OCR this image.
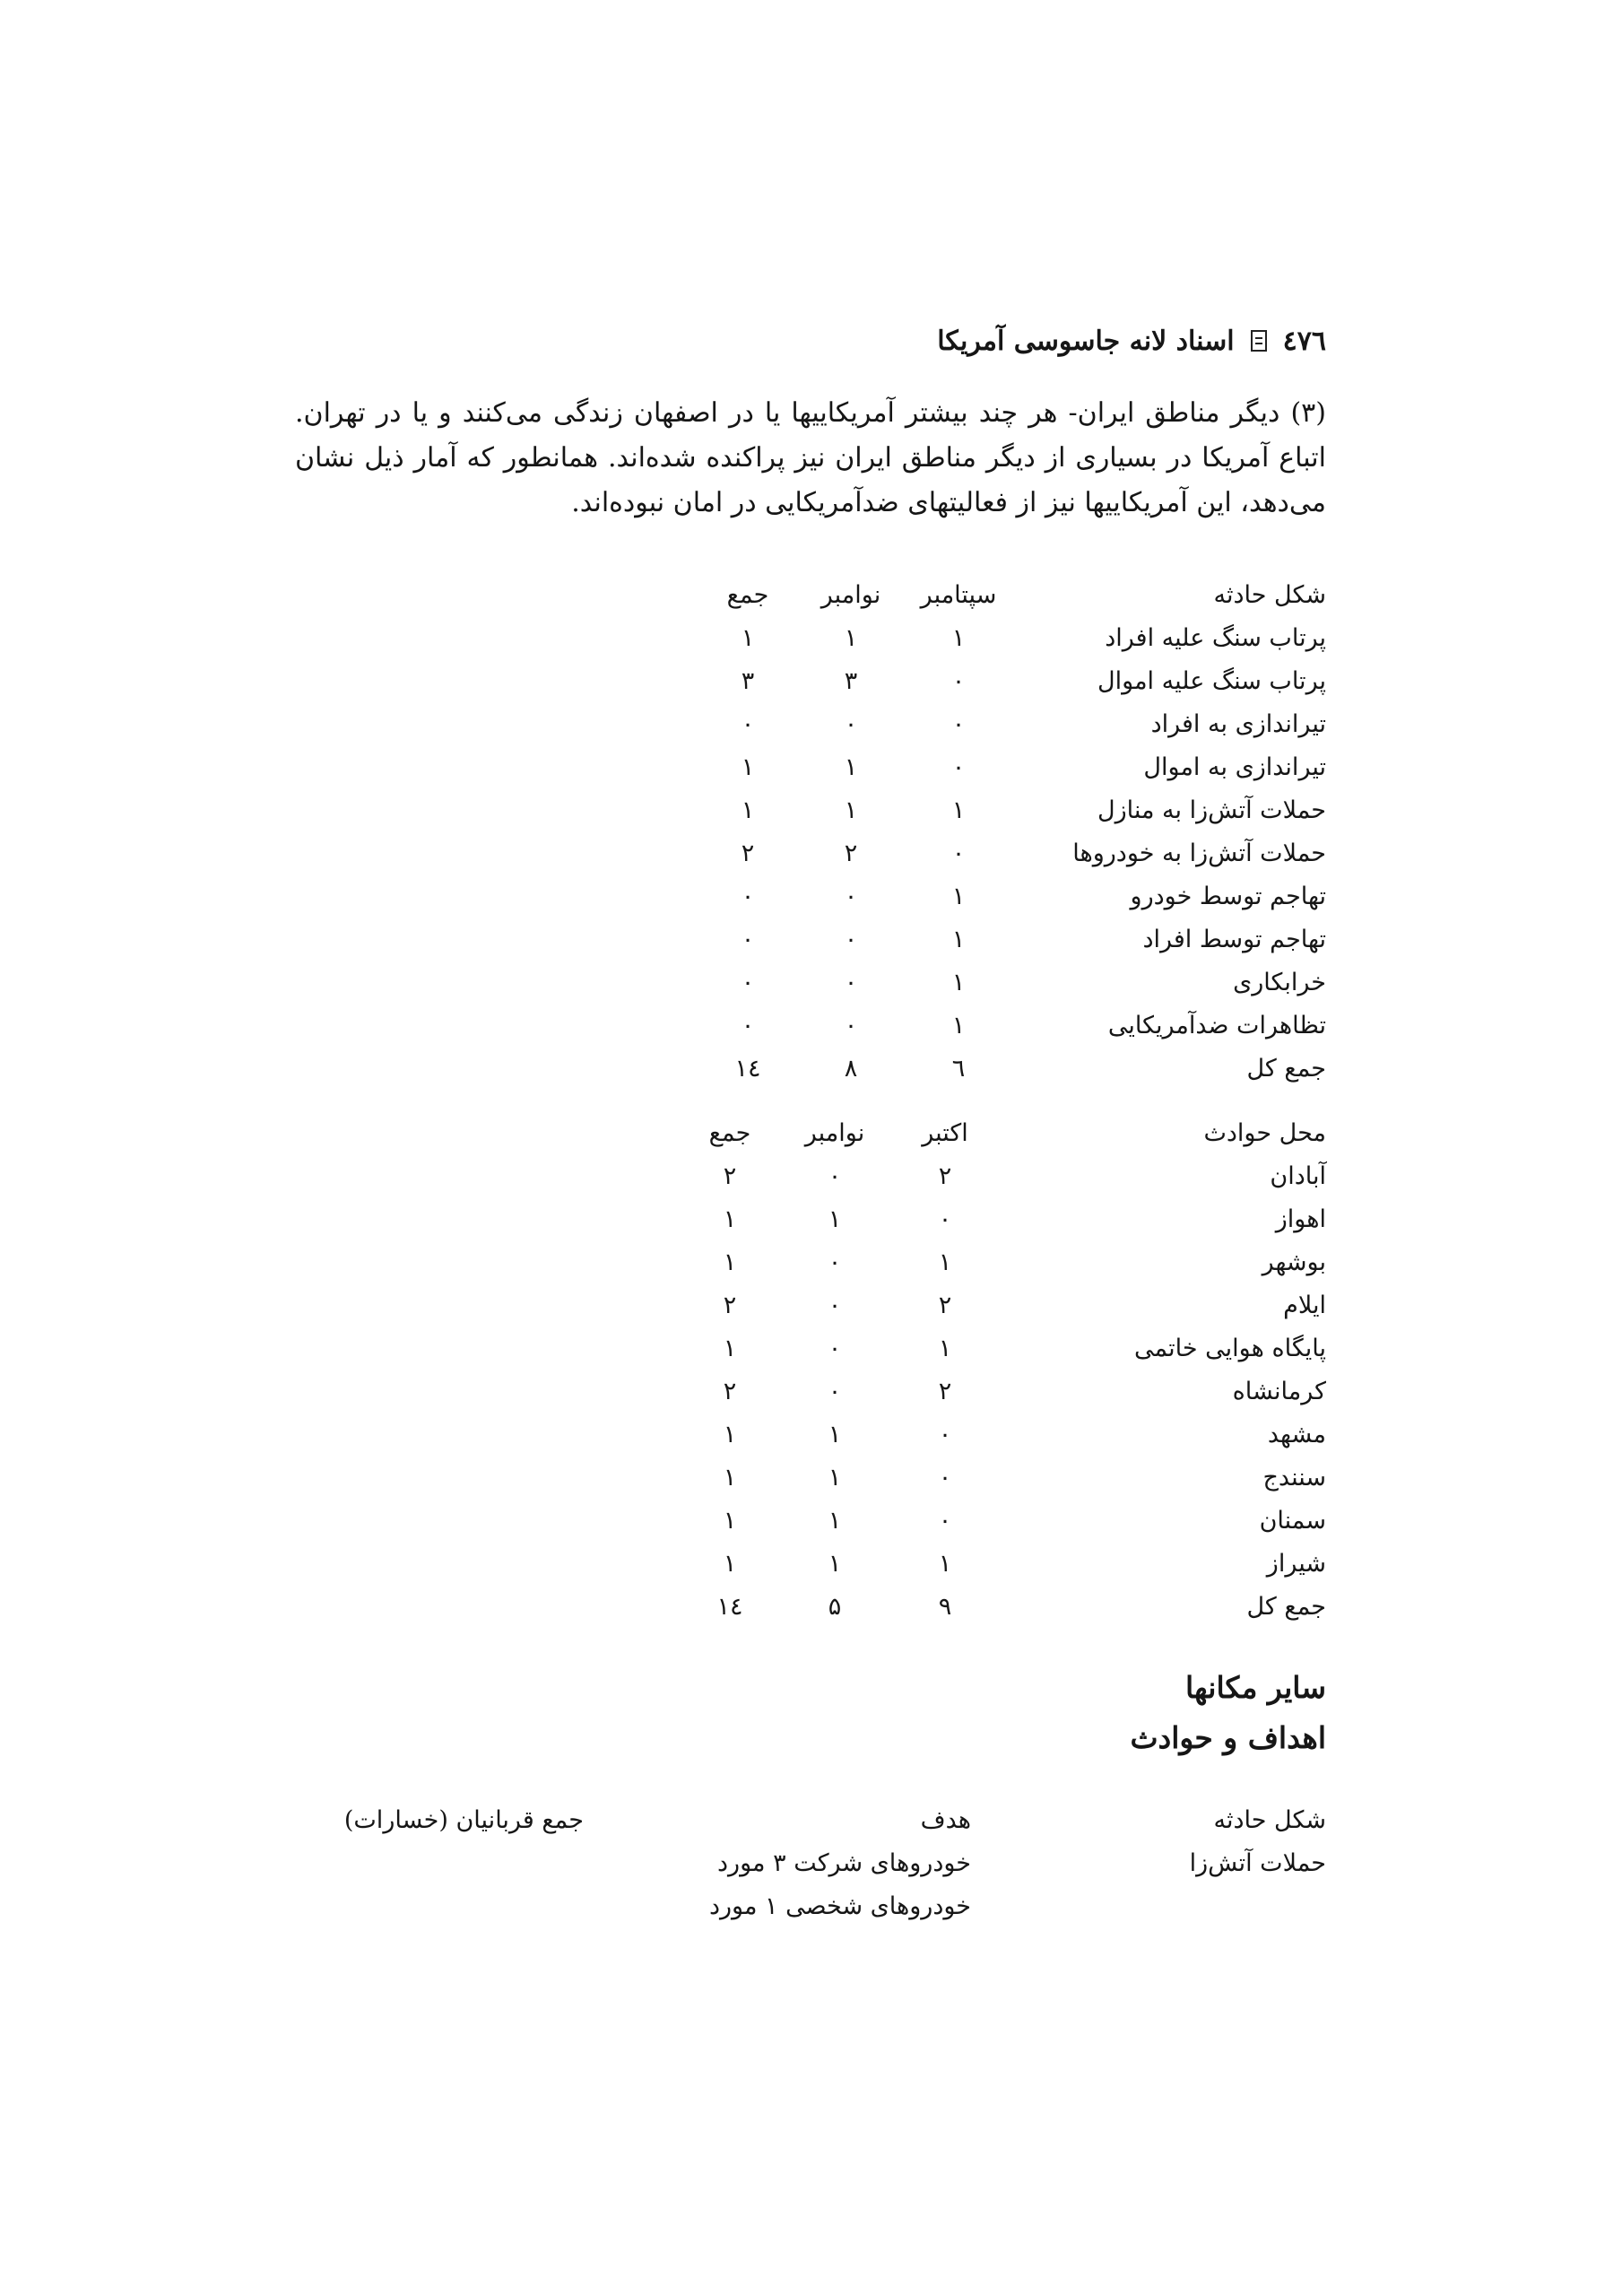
٤٧٦
اسناد لانه جاسوسی آمریکا
(۳) دیگر مناطق ایران- هر چند بیشتر آمریکاییها یا در اصفهان زندگی می‌کنند و یا در تهران. اتباع آمریکا در بسیاری از دیگر مناطق ایران نیز پراکنده شده‌اند. همانطور که آمار ذیل نشان می‌دهد، این آمریکاییها نیز از فعالیتهای ضدآمریکایی در امان نبوده‌اند.
شکل حادثه
سپتامبر
نوامبر
جمع
پرتاب سنگ علیه افراد
۱
۱
۱
پرتاب سنگ علیه اموال
۰
۳
۳
تیراندازی به افراد
۰
۰
۰
تیراندازی به اموال
۰
۱
۱
حملات آتش‌زا به منازل
۱
۱
۱
حملات آتش‌زا به خودروها
۰
۲
۲
تهاجم توسط خودرو
۱
۰
۰
تهاجم توسط افراد
۱
۰
۰
خرابکاری
۱
۰
۰
تظاهرات ضدآمریکایی
۱
۰
۰
جمع کل
٦
۸
١٤
محل حوادث
اکتبر
نوامبر
جمع
آبادان
۲
۰
۲
اهواز
۰
۱
۱
بوشهر
۱
۰
۱
ایلام
۲
۰
۲
پایگاه هوایی خاتمی
۱
۰
۱
کرمانشاه
۲
۰
۲
مشهد
۰
۱
۱
سنندج
۰
۱
۱
سمنان
۰
۱
۱
شیراز
۱
۱
۱
جمع کل
۹
۵
١٤
سایر مکانها
اهداف و حوادث
شکل حادثه
هدف
جمع قربانیان (خسارات)
حملات آتش‌زا
خودروهای شرکت ۳ مورد
خودروهای شخصی ۱ مورد
